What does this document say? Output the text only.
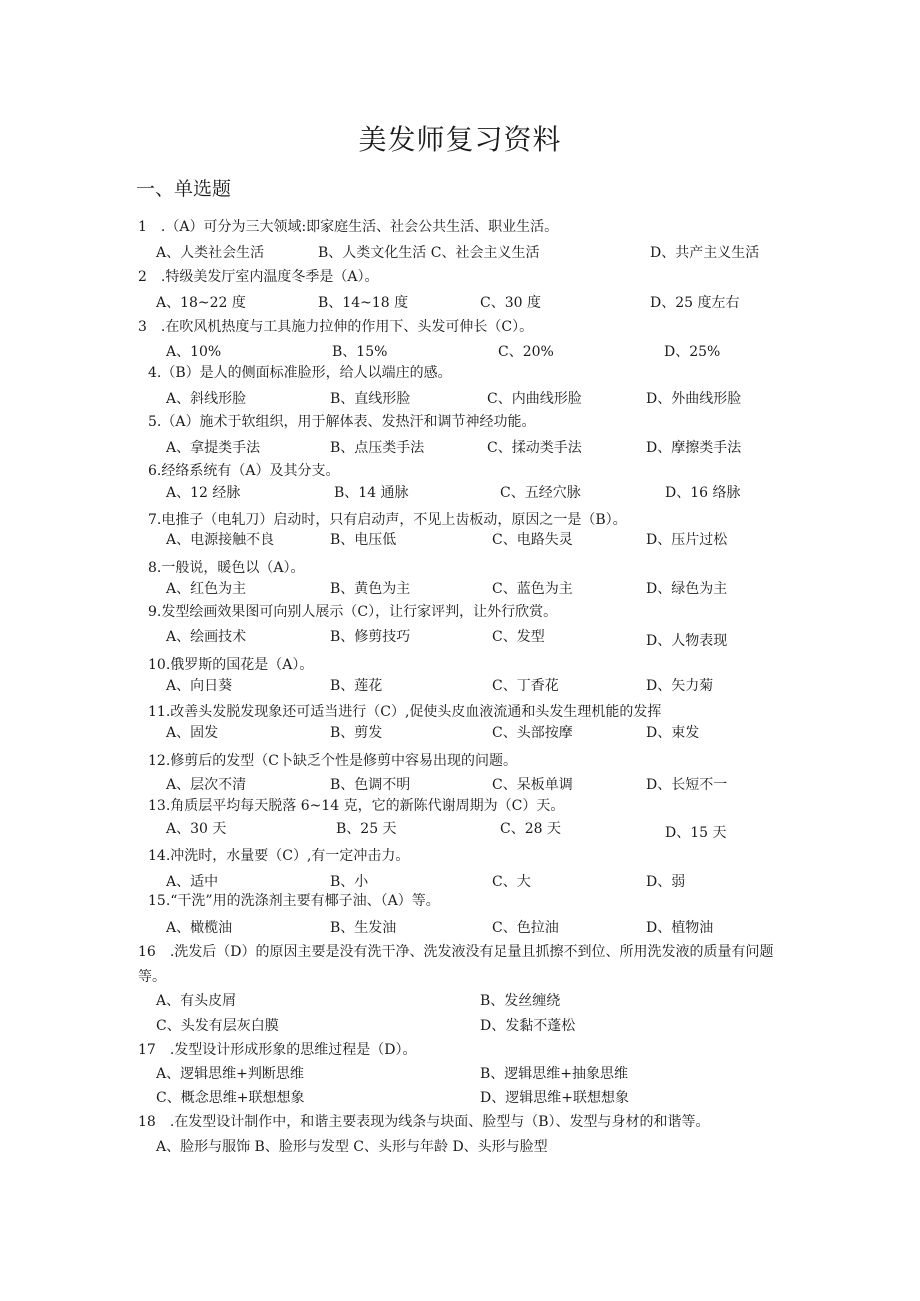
美发师复习资料
一、单选题
1　.（A）可分为三大领域:即家庭生活、社会公共生活、职业生活。
A、人类社会生活	B、人类文化生活 C、社会主义生活	D、共产主义生活
2　.特级美发厅室内温度冬季是（A）。
A、18~22 度	B、14~18 度	C、30 度	D、25 度左右
3　.在吹风机热度与工具施力拉伸的作用下、头发可伸长（C）。
A、10%	B、15%	C、20%	D、25%
4.（B）是人的侧面标准脸形，给人以端庄的感。
A、斜线形脸	B、直线形脸	C、内曲线形脸	D、外曲线形脸
5.（A）施术于软组织，用于解体表、发热汗和调节神经功能。
A、拿提类手法	B、点压类手法	C、揉动类手法	D、摩擦类手法
6.经络系统有（A）及其分支。
A、12 经脉	B、14 通脉	C、五经穴脉	D、16 络脉
7.电推子（电轧刀）启动时，只有启动声，不见上齿板动，原因之一是（B）。
A、电源接触不良	B、电压低	C、电路失灵	D、压片过松
8.一般说，暖色以（A）。
A、红色为主	B、黄色为主	C、蓝色为主	D、绿色为主
9.发型绘画效果图可向别人展示（C），让行家评判，让外行欣赏。
A、绘画技术	B、修剪技巧	C、发型	D、人物表现
10.俄罗斯的国花是（A）。
A、向日葵	B、莲花	C、丁香花	D、矢力菊
11.改善头发脱发现象还可适当进行（C）,促使头皮血液流通和头发生理机能的发挥
A、固发	B、剪发	C、头部按摩	D、束发
12.修剪后的发型（C卜缺乏个性是修剪中容易出现的问题。
A、层次不清	B、色调不明	C、呆板单调	D、长短不一
13.角质层平均每天脱落 6~14 克，它的新陈代谢周期为（C）天。
A、30 天	B、25 天	C、28 天	D、15 天
14.冲洗时，水量要（C）,有一定冲击力。
A、适中	B、小	C、大	D、弱
15.“干洗”用的洗涤剂主要有椰子油、（A）等。
A、橄榄油	B、生发油	C、色拉油	D、植物油
16　.洗发后（D）的原因主要是没有洗干净、洗发液没有足量且抓擦不到位、所用洗发液的质量有问题等。
A、有头皮屑	B、发丝缠绕
C、头发有层灰白膜	D、发黏不蓬松
17　.发型设计形成形象的思维过程是（D）。
A、逻辑思维+判断思维	B、逻辑思维+抽象思维
C、概念思维+联想想象	D、逻辑思维+联想想象
18　.在发型设计制作中，和谐主要表现为线条与块面、脸型与（B）、发型与身材的和谐等。
A、脸形与服饰 B、脸形与发型 C、头形与年龄 D、头形与脸型
